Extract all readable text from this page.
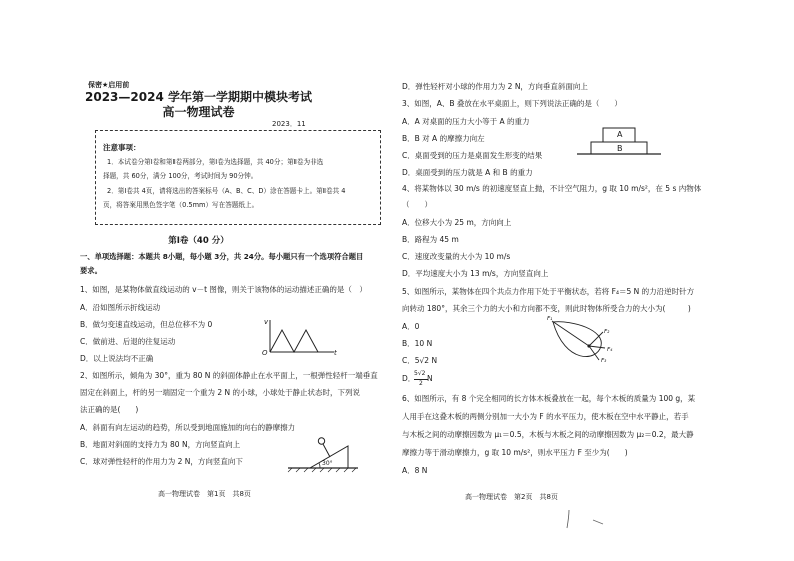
保密★启用前
2023—2024 学年第一学期期中模块考试
高一物理试卷
2023．11
注意事项：
1．本试卷分第Ⅰ卷和第Ⅱ卷两部分，第Ⅰ卷为选择题，共 40分；第Ⅱ卷为非选
择题，共 60分，满分 100分，考试时间为 90分钟。
2．第Ⅰ卷共 4页，请将选出的答案标号（A、B、C、D）涂在答题卡上。第Ⅱ卷共 4
页，将答案用黑色签字笔（0.5mm）写在答题纸上。
第Ⅰ卷（40 分）
一、单项选择题：本题共 8小题，每小题 3分，共 24分。每小题只有一个选项符合题目
要求。
1、如图，是某物体做直线运动的 v－t 图像，则关于该物体的运动描述正确的是（　）
A．沿如图所示折线运动
B．做匀变速直线运动，但总位移不为 0
C．做前进、后退的往复运动
D．以上说法均不正确
v
O	t
2、如图所示，倾角为 30°，重为 80 N 的斜面体静止在水平面上，一根弹性轻杆一端垂直
固定在斜面上，杆的另一端固定一个重为 2 N 的小球，小球处于静止状态时，下列说
法正确的是(　　)
A．斜面有向左运动的趋势，所以受到地面施加的向右的静摩擦力
B．地面对斜面的支持力为 80 N，方向竖直向上
C．球对弹性轻杆的作用力为 2 N，方向竖直向下	30°
高一物理试卷　第1页　共8页
D．弹性轻杆对小球的作用力为 2 N，方向垂直斜面向上
3、如图，A、B 叠放在水平桌面上，则下列说法正确的是（　　）
A．A 对桌面的压力大小等于 A 的重力
B．B 对 A 的摩擦力向左
C．桌面受到的压力是桌面发生形变的结果
D．桌面受到的压力就是 A 和 B 的重力
A
B
4、将某物体以 30 m/s 的初速度竖直上抛，不计空气阻力，g 取 10 m/s²，在 5 s 内物体
（　　）
A．位移大小为 25 m，方向向上
B．路程为 45 m
C．速度改变量的大小为 10 m/s
D．平均速度大小为 13 m/s，方向竖直向上
5、如图所示，某物体在四个共点力作用下处于平衡状态，若将 F₄＝5 N 的力沿逆时针方
向转动 180°，其余三个力的大小和方向都不变，则此时物体所受合力的大小为(　　　)
A．0
B．10 N
C．5√2 N
D．
5√2
2
N
F₁
F₂
F₃
F₄
6、如图所示，有 8 个完全相同的长方体木板叠放在一起，每个木板的质量为 100 g，某
人用手在这叠木板的两侧分别加一大小为 F 的水平压力，使木板在空中水平静止，若手
与木板之间的动摩擦因数为 μ₁＝0.5，木板与木板之间的动摩擦因数为 μ₂＝0.2，最大静
摩擦力等于滑动摩擦力，g 取 10 m/s²，则水平压力 F 至少为(　　)
A．8 N
高一物理试卷　第2页　共8页
